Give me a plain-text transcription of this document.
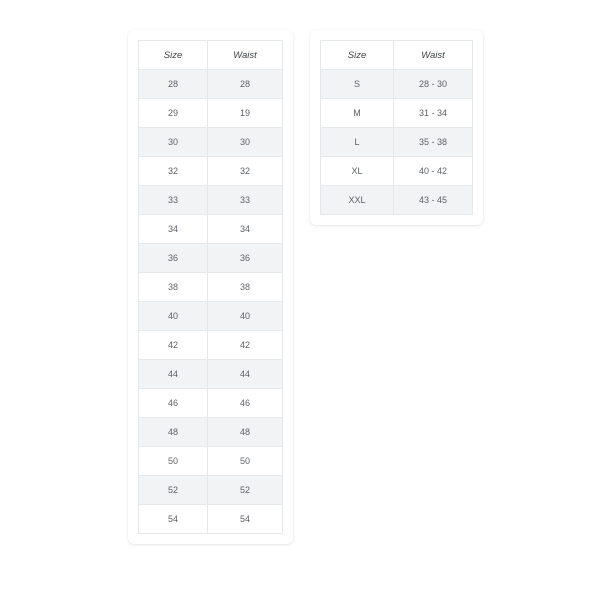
Size	Waist
28	28
29	19
30	30
32	32
33	33
34	34
36	36
38	38
40	40
42	42
44	44
46	46
48	48
50	50
52	52
54	54
Size	Waist
S	28 - 30
M	31 - 34
L	35 - 38
XL	40 - 42
XXL	43 - 45
